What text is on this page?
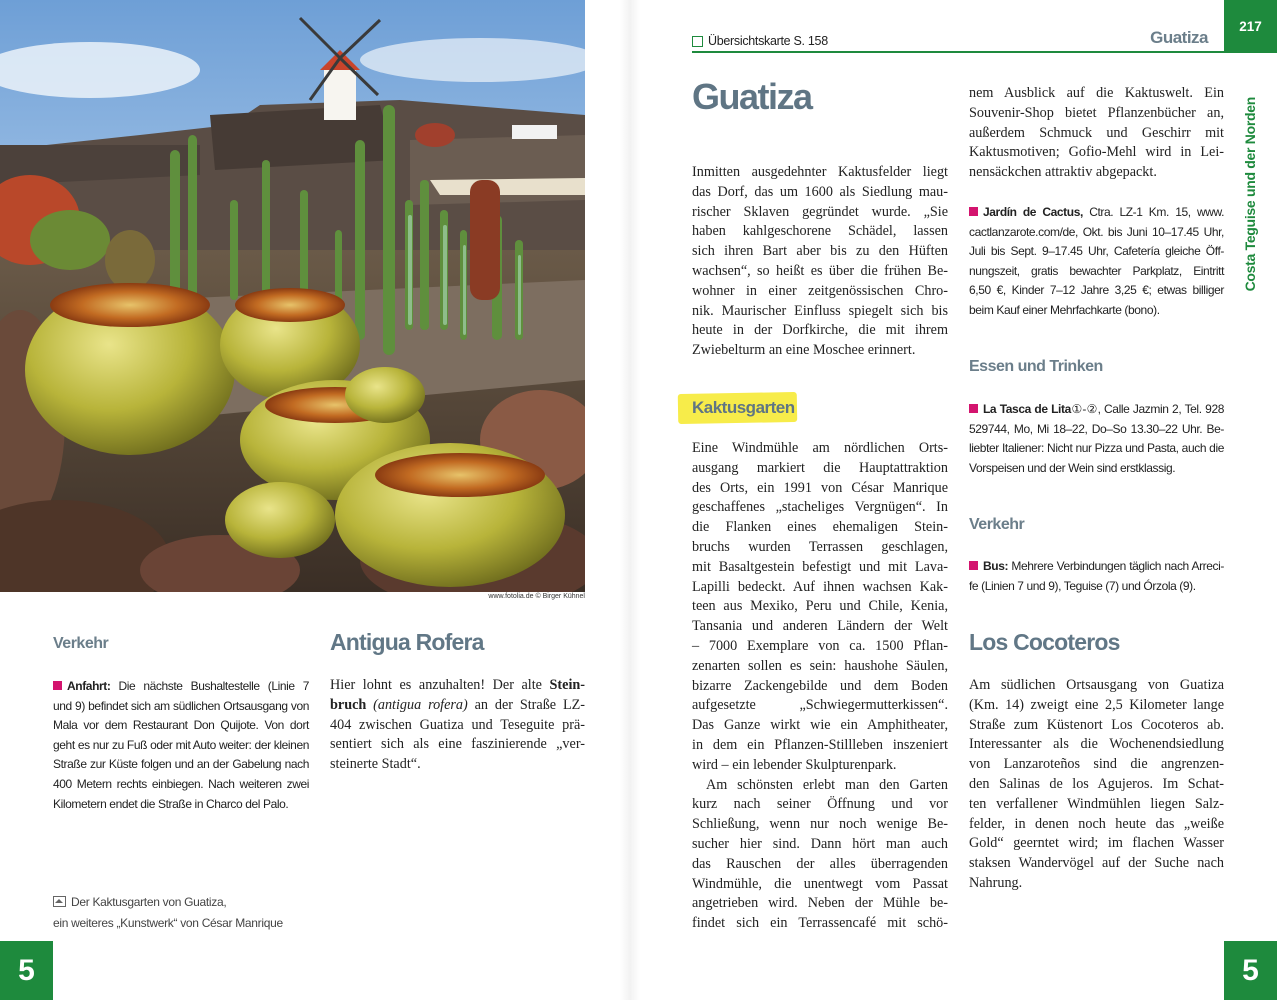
www.fotolia.de © Birger Kühnel
Verkehr
Anfahrt: Die nächste Bushaltestelle (Linie 7
und 9) befindet sich am südlichen Ortsausgang von
Mala vor dem Restaurant Don Quijote. Von dort
geht es nur zu Fuß oder mit Auto weiter: der kleinen
Straße zur Küste folgen und an der Gabelung nach
400 Metern rechts einbiegen. Nach weiteren zwei
Kilometern endet die Straße in Charco del Palo.
Antigua Rofera
Hier lohnt es anzuhalten! Der alte Stein-
bruch (antigua rofera) an der Straße LZ-
404 zwischen Guatiza und Teseguite prä-
sentiert sich als eine faszinierende „ver-
steinerte Stadt“.
Der Kaktusgarten von Guatiza,
ein weiteres „Kunstwerk“ von César Manrique
5
Übersichtskarte S. 158	Guatiza
217
Costa Teguise und der Norden
5
Guatiza
Inmitten ausgedehnter Kaktusfelder liegt
das Dorf, das um 1600 als Siedlung mau-
rischer Sklaven gegründet wurde. „Sie
haben kahlgeschorene Schädel, lassen
sich ihren Bart aber bis zu den Hüften
wachsen“, so heißt es über die frühen Be-
wohner in einer zeitgenössischen Chro-
nik. Maurischer Einfluss spiegelt sich bis
heute in der Dorfkirche, die mit ihrem
Zwiebelturm an eine Moschee erinnert.
Kaktusgarten
Eine Windmühle am nördlichen Orts-
ausgang markiert die Hauptattraktion
des Orts, ein 1991 von César Manrique
geschaffenes „stacheliges Vergnügen“. In
die Flanken eines ehemaligen Stein-
bruchs wurden Terrassen geschlagen,
mit Basaltgestein befestigt und mit Lava-
Lapilli bedeckt. Auf ihnen wachsen Kak-
teen aus Mexiko, Peru und Chile, Kenia,
Tansania und anderen Ländern der Welt
– 7000 Exemplare von ca. 1500 Pflan-
zenarten sollen es sein: haushohe Säulen,
bizarre Zackengebilde und dem Boden
aufgesetzte „Schwiegermutterkissen“.
Das Ganze wirkt wie ein Amphitheater,
in dem ein Pflanzen-Stillleben inszeniert
wird – ein lebender Skulpturenpark.
Am schönsten erlebt man den Garten
kurz nach seiner Öffnung und vor
Schließung, wenn nur noch wenige Be-
sucher hier sind. Dann hört man auch
das Rauschen der alles überragenden
Windmühle, die unentwegt vom Passat
angetrieben wird. Neben der Mühle be-
findet sich ein Terrassencafé mit schö-
nem Ausblick auf die Kaktuswelt. Ein
Souvenir-Shop bietet Pflanzenbücher an,
außerdem Schmuck und Geschirr mit
Kaktusmotiven; Gofio-Mehl wird in Lei-
nensäckchen attraktiv abgepackt.
Jardín de Cactus, Ctra. LZ-1 Km. 15, www.
cactlanzarote.com/de, Okt. bis Juni 10–17.45 Uhr,
Juli bis Sept. 9–17.45 Uhr, Cafetería gleiche Öff-
nungszeit, gratis bewachter Parkplatz, Eintritt
6,50 €, Kinder 7–12 Jahre 3,25 €; etwas billiger
beim Kauf einer Mehrfachkarte (bono).
Essen und Trinken
La Tasca de Lita①-②, Calle Jazmin 2, Tel. 928
529744, Mo, Mi 18–22, Do–So 13.30–22 Uhr. Be-
liebter Italiener: Nicht nur Pizza und Pasta, auch die
Vorspeisen und der Wein sind erstklassig.
Verkehr
Bus: Mehrere Verbindungen täglich nach Arreci-
fe (Linien 7 und 9), Teguise (7) und Órzola (9).
Los Cocoteros
Am südlichen Ortsausgang von Guatiza
(Km. 14) zweigt eine 2,5 Kilometer lange
Straße zum Küstenort Los Cocoteros ab.
Interessanter als die Wochenendsiedlung
von Lanzaroteños sind die angrenzen-
den Salinas de los Agujeros. Im Schat-
ten verfallener Windmühlen liegen Salz-
felder, in denen noch heute das „weiße
Gold“ geerntet wird; im flachen Wasser
staksen Wandervögel auf der Suche nach
Nahrung.
